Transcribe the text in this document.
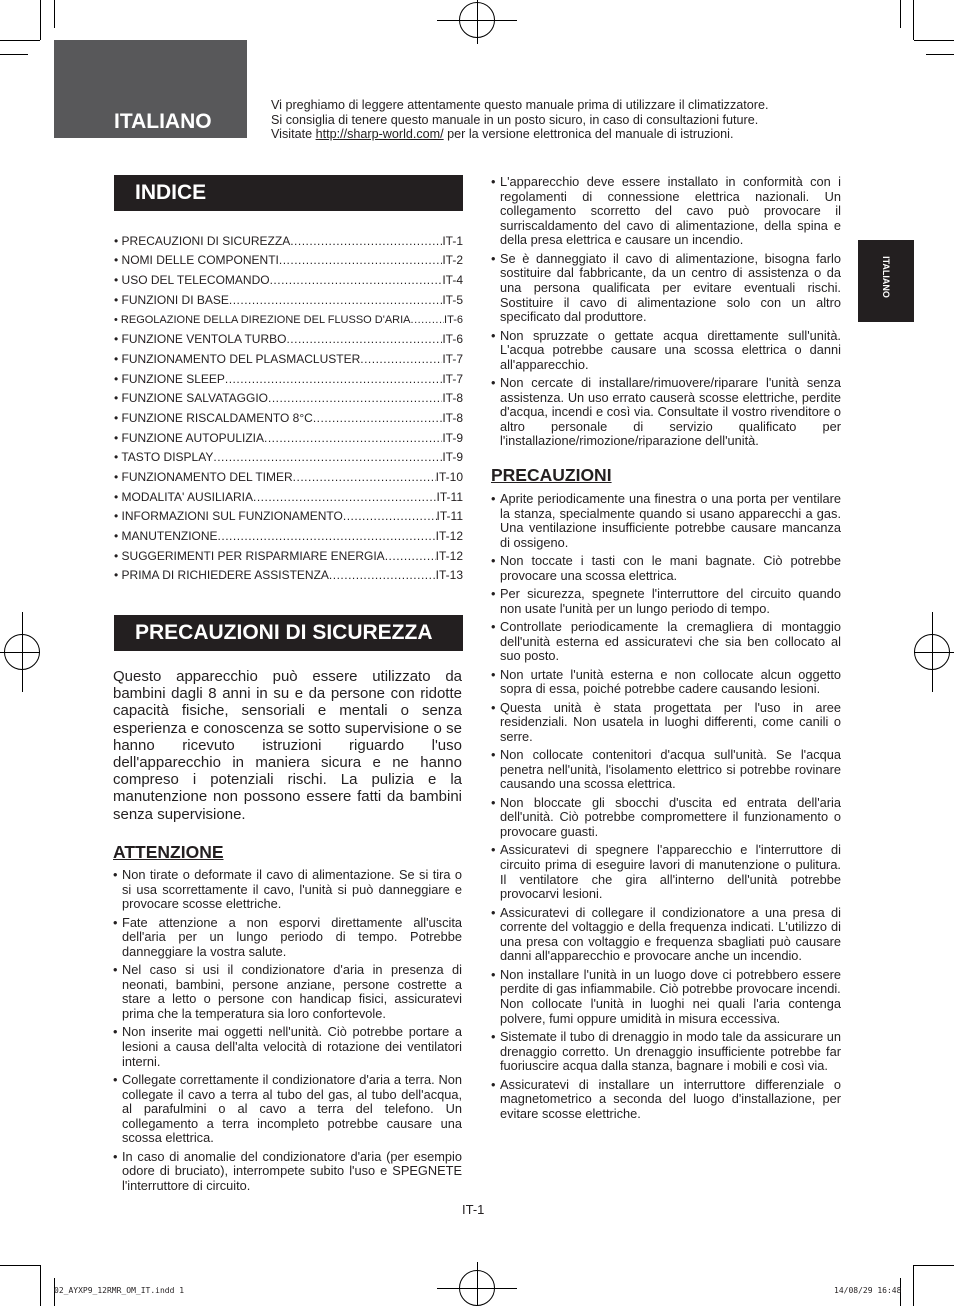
ITALIANO

Vi preghiamo di leggere attentamente questo manuale prima di utilizzare il climatizzatore.

Si consiglia di tenere questo manuale in un posto sicuro, in caso di consultazioni future.

Visitate http://sharp-world.com/ per la versione elettronica del manuale di istruzioni.

ITALIANO
INDICE
• PRECAUZIONI DI SICUREZZA .....	IT-1
• NOMI DELLE COMPONENTI .....	IT-2
• USO DEL TELECOMANDO .....	IT-4
• FUNZIONI DI BASE .....	IT-5
• REGOLAZIONE DELLA DIREZIONE DEL FLUSSO D'ARIA .....	IT-6
• FUNZIONE VENTOLA TURBO .....	IT-6
• FUNZIONAMENTO DEL PLASMACLUSTER .....	IT-7
• FUNZIONE SLEEP .....	IT-7
• FUNZIONE SALVATAGGIO .....	IT-8
• FUNZIONE RISCALDAMENTO 8°C .....	IT-8
• FUNZIONE AUTOPULIZIA .....	IT-9
• TASTO DISPLAY .....	IT-9
• FUNZIONAMENTO DEL TIMER .....	IT-10
• MODALITA' AUSILIARIA .....	IT-11
• INFORMAZIONI SUL FUNZIONAMENTO .....	IT-11
• MANUTENZIONE .....	IT-12
• SUGGERIMENTI PER RISPARMIARE ENERGIA .....	IT-12
• PRIMA DI RICHIEDERE ASSISTENZA .....	IT-13
PRECAUZIONI DI SICUREZZA

Questo apparecchio può essere utilizzato da bambini dagli 8 anni in su e da persone con ridotte capacità fisiche, sensoriali e mentali o senza esperienza e conoscenza se sotto supervisione o se hanno ricevuto istruzioni riguardo l'uso dell'apparecchio in maniera sicura e ne hanno compreso i potenziali rischi. La pulizia e la manutenzione non possono essere fatti da bambini senza supervisione.

ATTENZIONE
• Non tirate o deformate il cavo di alimentazione. Se si tira o si usa scorrettamente il cavo, l'unità si può danneggiare e provocare scosse elettriche.
• Fate attenzione a non esporvi direttamente all'uscita dell'aria per un lungo periodo di tempo. Potrebbe danneggiare la vostra salute.
• Nel caso si usi il condizionatore d'aria in presenza di neonati, bambini, persone anziane, persone costrette a stare a letto o persone con handicap fisici, assicuratevi prima che la temperatura sia loro confortevole.
• Non inserite mai oggetti nell'unità. Ciò potrebbe portare a lesioni a causa dell'alta velocità di rotazione dei ventilatori interni.
• Collegate correttamente il condizionatore d'aria a terra. Non collegate il cavo a terra al tubo del gas, al tubo dell'acqua, al parafulmini o al cavo a terra del telefono. Un collegamento a terra incompleto potrebbe causare una scossa elettrica.
• In caso di anomalie del condizionatore d'aria (per esempio odore di bruciato), interrompete subito l'uso e SPEGNETE l'interruttore di circuito.
• L'apparecchio deve essere installato in conformità con i regolamenti di connessione elettrica nazionali. Un collegamento scorretto del cavo può provocare il surriscaldamento del cavo di alimentazione, della spina e della presa elettrica e causare un incendio.
• Se è danneggiato il cavo di alimentazione, bisogna farlo sostituire dal fabbricante, da un centro di assistenza o da una persona qualificata per evitare eventuali rischi. Sostituire il cavo di alimentazione solo con un altro specificato dal produttore.
• Non spruzzate o gettate acqua direttamente sull'unità. L'acqua potrebbe causare una scossa elettrica o danni all'apparecchio.
• Non cercate di installare/rimuovere/riparare l'unità senza assistenza. Un uso errato causerà scosse elettriche, perdite d'acqua, incendi e così via. Consultate il vostro rivenditore o altro personale di servizio qualificato per l'installazione/rimozione/riparazione dell'unità.
PRECAUZIONI
• Aprite periodicamente una finestra o una porta per ventilare la stanza, specialmente quando si usano apparecchi a gas. Una ventilazione insufficiente potrebbe causare mancanza di ossigeno.
• Non toccate i tasti con le mani bagnate. Ciò potrebbe provocare una scossa elettrica.
• Per sicurezza, spegnete l'interruttore del circuito quando non usate l'unità per un lungo periodo di tempo.
• Controllate periodicamente la cremagliera di montaggio dell'unità esterna ed assicuratevi che sia ben collocato al suo posto.
• Non urtate l'unità esterna e non collocate alcun oggetto sopra di essa, poiché potrebbe cadere causando lesioni.
• Questa unità è stata progettata per l'uso in aree residenziali. Non usatela in luoghi differenti, come canili o serre.
• Non collocate contenitori d'acqua sull'unità. Se l'acqua penetra nell'unità, l'isolamento elettrico si potrebbe rovinare causando una scossa elettrica.
• Non bloccate gli sbocchi d'uscita ed entrata dell'aria dell'unità. Ciò potrebbe compromettere il funzionamento o provocare guasti.
• Assicuratevi di spegnere l'apparecchio e l'interruttore di circuito prima di eseguire lavori di manutenzione o pulitura. Il ventilatore che gira all'interno dell'unità potrebbe provocarvi lesioni.
• Assicuratevi di collegare il condizionatore a una presa di corrente del voltaggio e della frequenza indicati. L'utilizzo di una presa con voltaggio e frequenza sbagliati può causare danni all'apparecchio e provocare anche un incendio.
• Non installare l'unità in un luogo dove ci potrebbero essere perdite di gas infiammabile. Ciò potrebbe provocare incendi.
Non collocate l'unità in luoghi nei quali l'aria contenga polvere, fumi oppure umidità in misura eccessiva.
• Sistemate il tubo di drenaggio in modo tale da assicurare un drenaggio corretto. Un drenaggio insufficiente potrebbe far fuoriuscire acqua dalla stanza, bagnare i mobili e così via.
• Assicuratevi di installare un interruttore differenziale o magnetometrico a seconda del luogo d'installazione, per evitare scosse elettriche.
IT-1
02_AYXP9_12RMR_OM_IT.indd 1	14/08/29 16:48
